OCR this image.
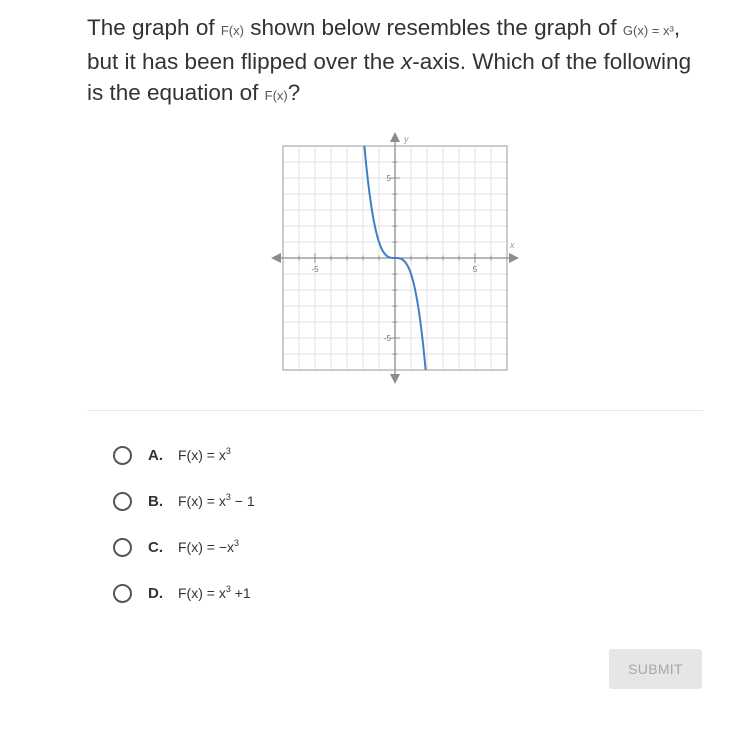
The graph of F(x) shown below resembles the graph of G(x) = x³, but it has been flipped over the x-axis. Which of the following is the equation of F(x)?
x
y
-5	5
5
-5
A.	$F(x) = x^3$
B.	$F(x) = x^3 - 1$
C.	$F(x) = -x^3$
D.	$F(x) = x^3 +1$
SUBMIT
